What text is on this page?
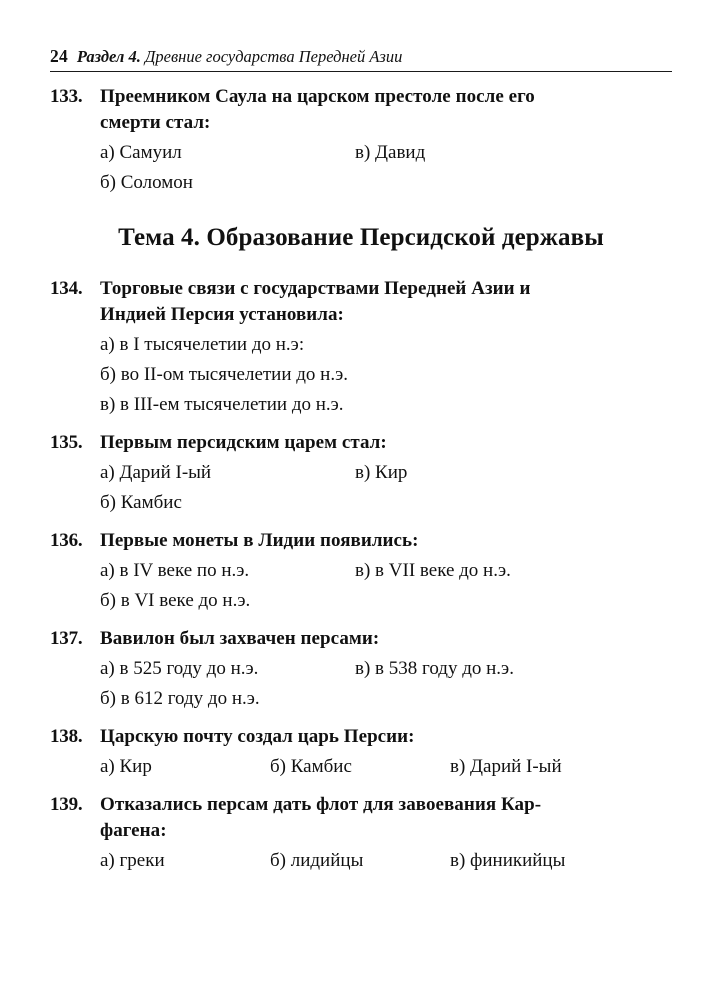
24 Раздел 4. Древние государства Передней Азии
133. Преемником Саула на царском престоле после его
смерти стал:
а) Самуил	в) Давид
б) Соломон
Тема 4. Образование Персидской державы
134. Торговые связи с государствами Передней Азии и
Индией Персия установила:
а) в I тысячелетии до н.э:
б) во II-ом тысячелетии до н.э.
в) в III-ем тысячелетии до н.э.
135. Первым персидским царем стал:
а) Дарий I-ый	в) Кир
б) Камбис
136. Первые монеты в Лидии появились:
а) в IV веке по н.э.	в) в VII веке до н.э.
б) в VI веке до н.э.
137. Вавилон был захвачен персами:
а) в 525 году до н.э.	в) в 538 году до н.э.
б) в 612 году до н.э.
138. Царскую почту создал царь Персии:
а) Кир	б) Камбис	в) Дарий I-ый
139. Отказались персам дать флот для завоевания Кар-
фагена:
а) греки	б) лидийцы	в) финикийцы
